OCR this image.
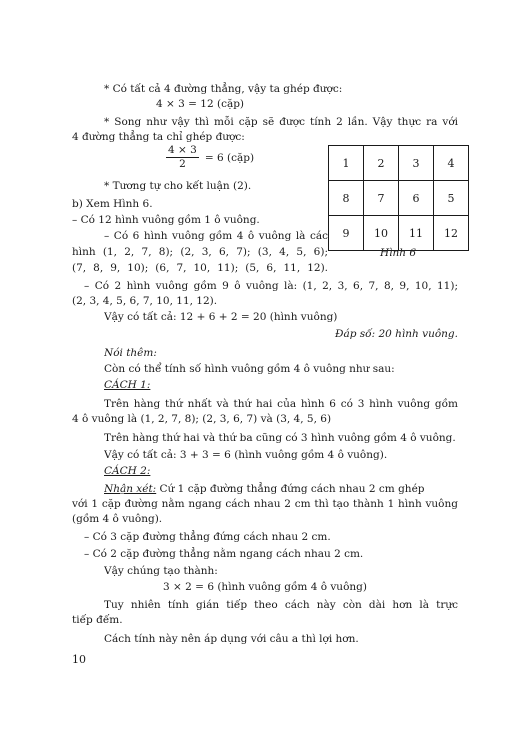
* Có tất cả 4 đường thẳng, vậy ta ghép được:
4 × 3 = 12 (cặp)
* Song như vậy thì mỗi cặp sẽ được tính 2 lần. Vậy thực ra với
4 đường thẳng ta chỉ ghép được:
$\frac{4 \times 3}{2} = 6$ (cặp)	1	2	3	4
8	7	6	5
9	10	11	12
Hình 6
* Tương tự cho kết luận (2).
b) Xem Hình 6.
– Có 12 hình vuông gồm 1 ô vuông.
– Có 6 hình vuông gồm 4 ô vuông là các
hình (1, 2, 7, 8); (2, 3, 6, 7); (3, 4, 5, 6);
(7, 8, 9, 10); (6, 7, 10, 11); (5, 6, 11, 12).
– Có 2 hình vuông gồm 9 ô vuông là: (1, 2, 3, 6, 7, 8, 9, 10, 11);
(2, 3, 4, 5, 6, 7, 10, 11, 12).
Vậy có tất cả: 12 + 6 + 2 = 20 (hình vuông)
Đáp số: 20 hình vuông.
Nói thêm:
Còn có thể tính số hình vuông gồm 4 ô vuông như sau:
CÁCH 1:
Trên hàng thứ nhất và thứ hai của hình 6 có 3 hình vuông gồm
4 ô vuông là (1, 2, 7, 8); (2, 3, 6, 7) và (3, 4, 5, 6)
Trên hàng thứ hai và thứ ba cũng có 3 hình vuông gồm 4 ô vuông.
Vậy có tất cả: 3 + 3 = 6 (hình vuông gồm 4 ô vuông).
CÁCH 2:
Nhận xét: Cứ 1 cặp đường thẳng đứng cách nhau 2 cm ghép
với 1 cặp đường nằm ngang cách nhau 2 cm thì tạo thành 1 hình vuông
(gồm 4 ô vuông).
– Có 3 cặp đường thẳng đứng cách nhau 2 cm.
– Có 2 cặp đường thẳng nằm ngang cách nhau 2 cm.
Vậy chúng tạo thành:
3 × 2 = 6 (hình vuông gồm 4 ô vuông)
Tuy nhiên tính gián tiếp theo cách này còn dài hơn là trực
tiếp đếm.
Cách tính này nên áp dụng với câu a thì lợi hơn.
10
